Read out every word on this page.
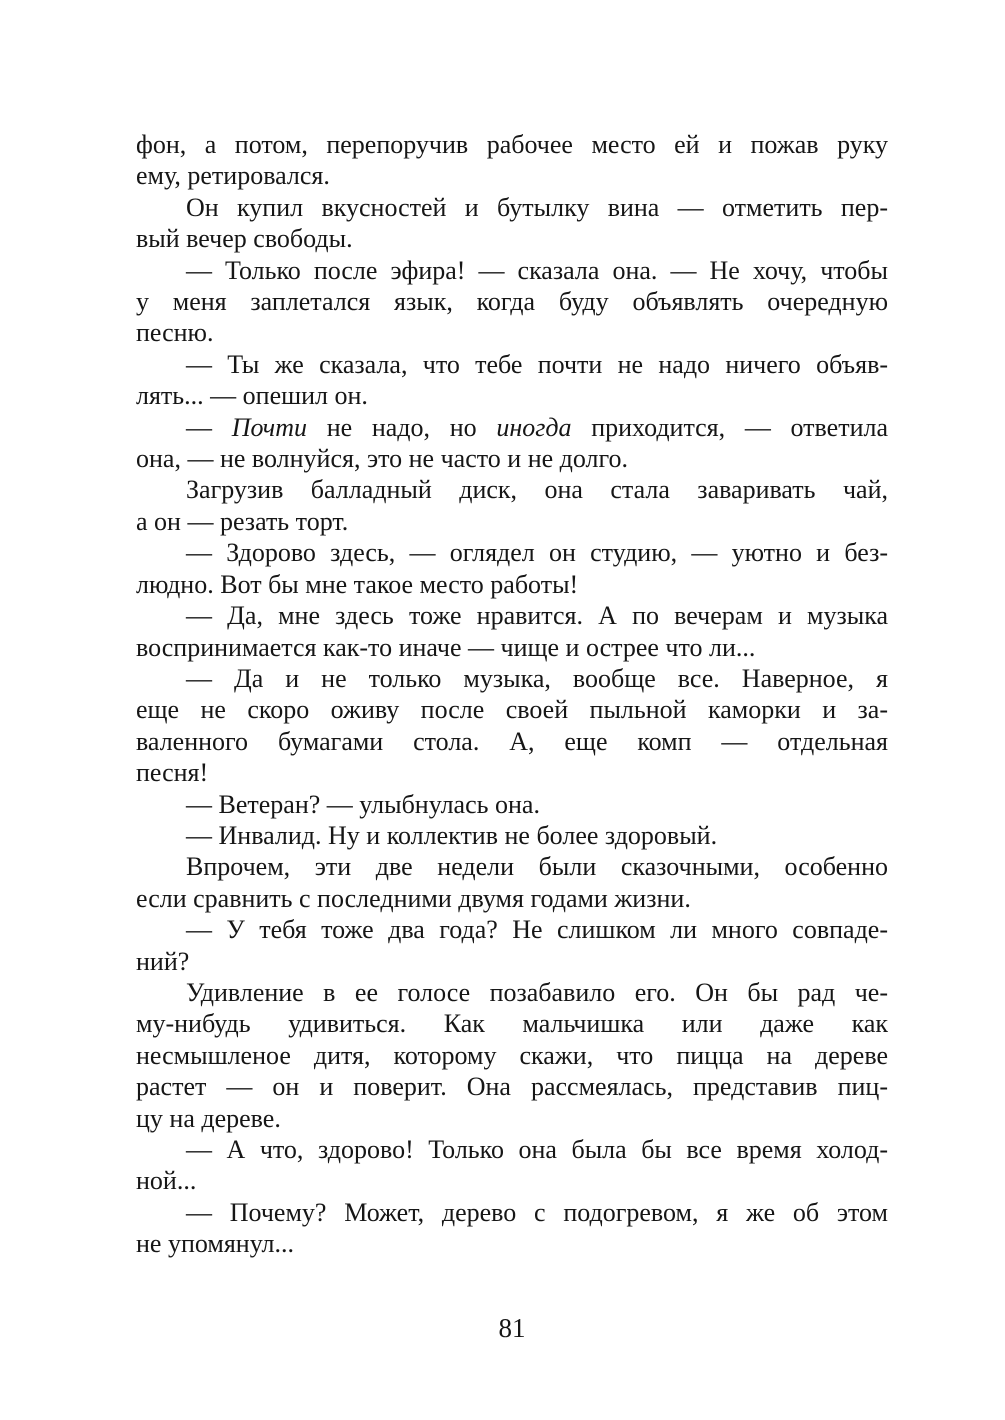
фон, а потом, перепоручив рабочее место ей и пожав руку
ему, ретировался.
Он купил вкусностей и бутылку вина — отметить пер-
вый вечер свободы.
— Только после эфира! — сказала она. — Не хочу, чтобы
у меня заплетался язык, когда буду объявлять очередную
песню.
— Ты же сказала, что тебе почти не надо ничего объяв-
лять... — опешил он.
— Почти не надо, но иногда приходится, — ответила
она, — не волнуйся, это не часто и не долго.
Загрузив балладный диск, она стала заваривать чай,
а он — резать торт.
— Здорово здесь, — оглядел он студию, — уютно и без-
людно. Вот бы мне такое место работы!
— Да, мне здесь тоже нравится. А по вечерам и музыка
воспринимается как-то иначе — чище и острее что ли...
— Да и не только музыка, вообще все. Наверное, я
еще не скоро оживу после своей пыльной каморки и за-
валенного бумагами стола. А, еще комп — отдельная
песня!
— Ветеран? — улыбнулась она.
— Инвалид. Ну и коллектив не более здоровый.
Впрочем, эти две недели были сказочными, особенно
если сравнить с последними двумя годами жизни.
— У тебя тоже два года? Не слишком ли много совпаде-
ний?
Удивление в ее голосе позабавило его. Он бы рад че-
му-нибудь удивиться. Как мальчишка или даже как
несмышленое дитя, которому скажи, что пицца на дереве
растет — он и поверит. Она рассмеялась, представив пиц-
цу на дереве.
— А что, здорово! Только она была бы все время холод-
ной...
— Почему? Может, дерево с подогревом, я же об этом
не упомянул...
81
